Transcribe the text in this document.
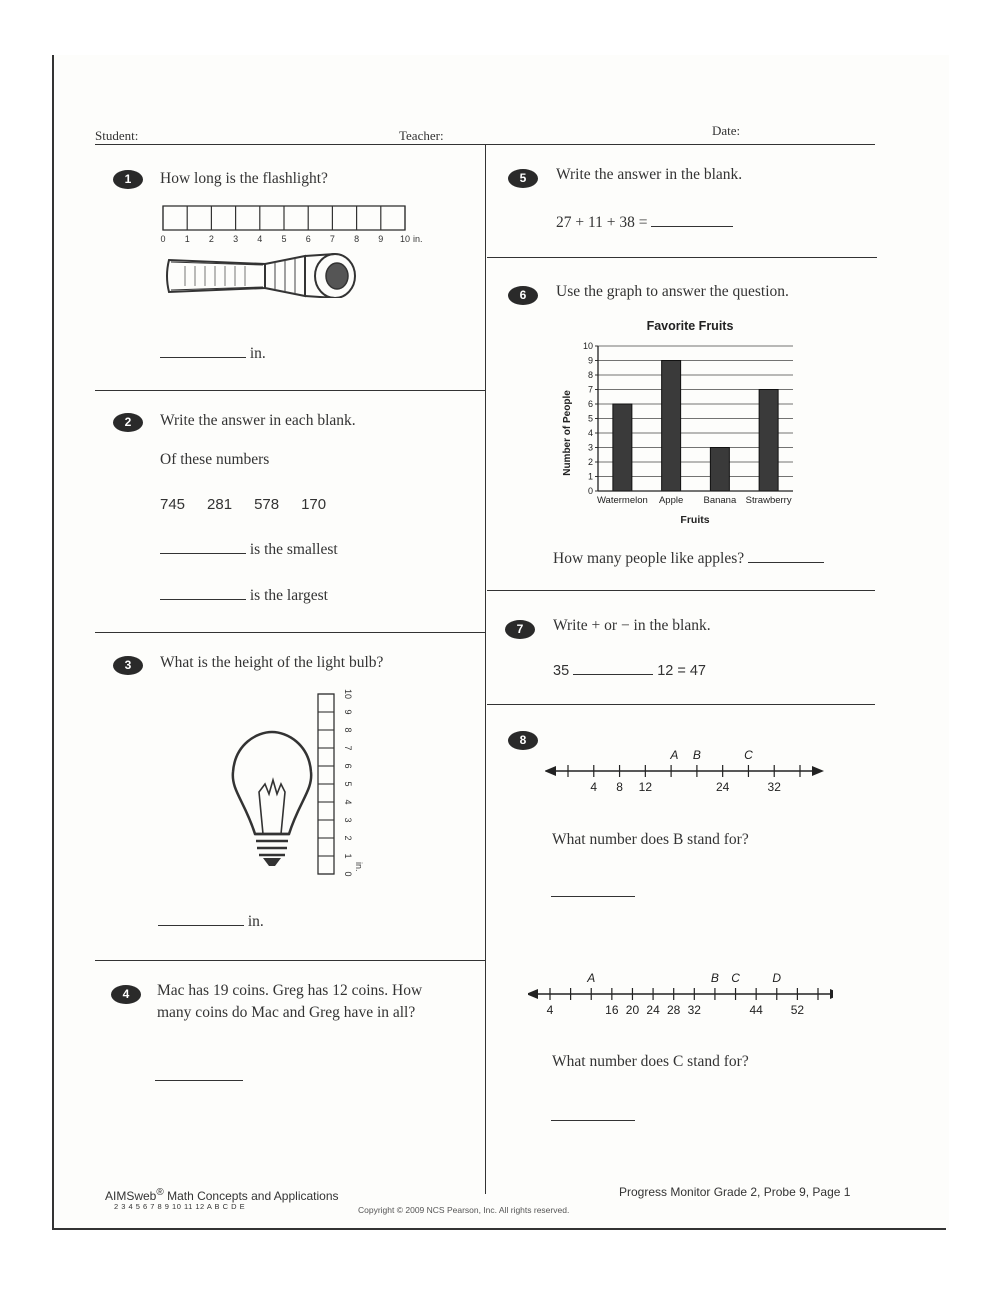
Student:	Teacher:	Date:
1	How long is the flashlight?
0 1 2 3 4 5 6 7 8 9 10 in.
in.
2	Write the answer in each blank.
Of these numbers
745 281 578 170
is the smallest
is the largest
3	What is the height of the light bulb?
0
1
2
3
4
5
6
7
8
9
10
in.
in.
4	Mac has 19 coins. Greg has 12 coins. How
many coins do Mac and Greg have in all?
5	Write the answer in the blank.
27 + 11 + 38 =
6	Use the graph to answer the question.
Favorite Fruits
Number of People
Fruits
0
1
2
3
4
5
6
7
8
9
10
Watermelon Apple Banana Strawberry
How many people like apples?
7	Write + or − in the blank.
35	12 = 47
8
4 8 12	24	32
A B	C
What number does B stand for?
4	16 20 24 28 32	44 52
A	B C	D
What number does C stand for?
AIMSweb® Math Concepts and Applications
2 3 4 5 6 7 8 9 10 11 12 A B C D E	Copyright © 2009 NCS Pearson, Inc. All rights reserved.
Progress Monitor Grade 2, Probe 9, Page 1
